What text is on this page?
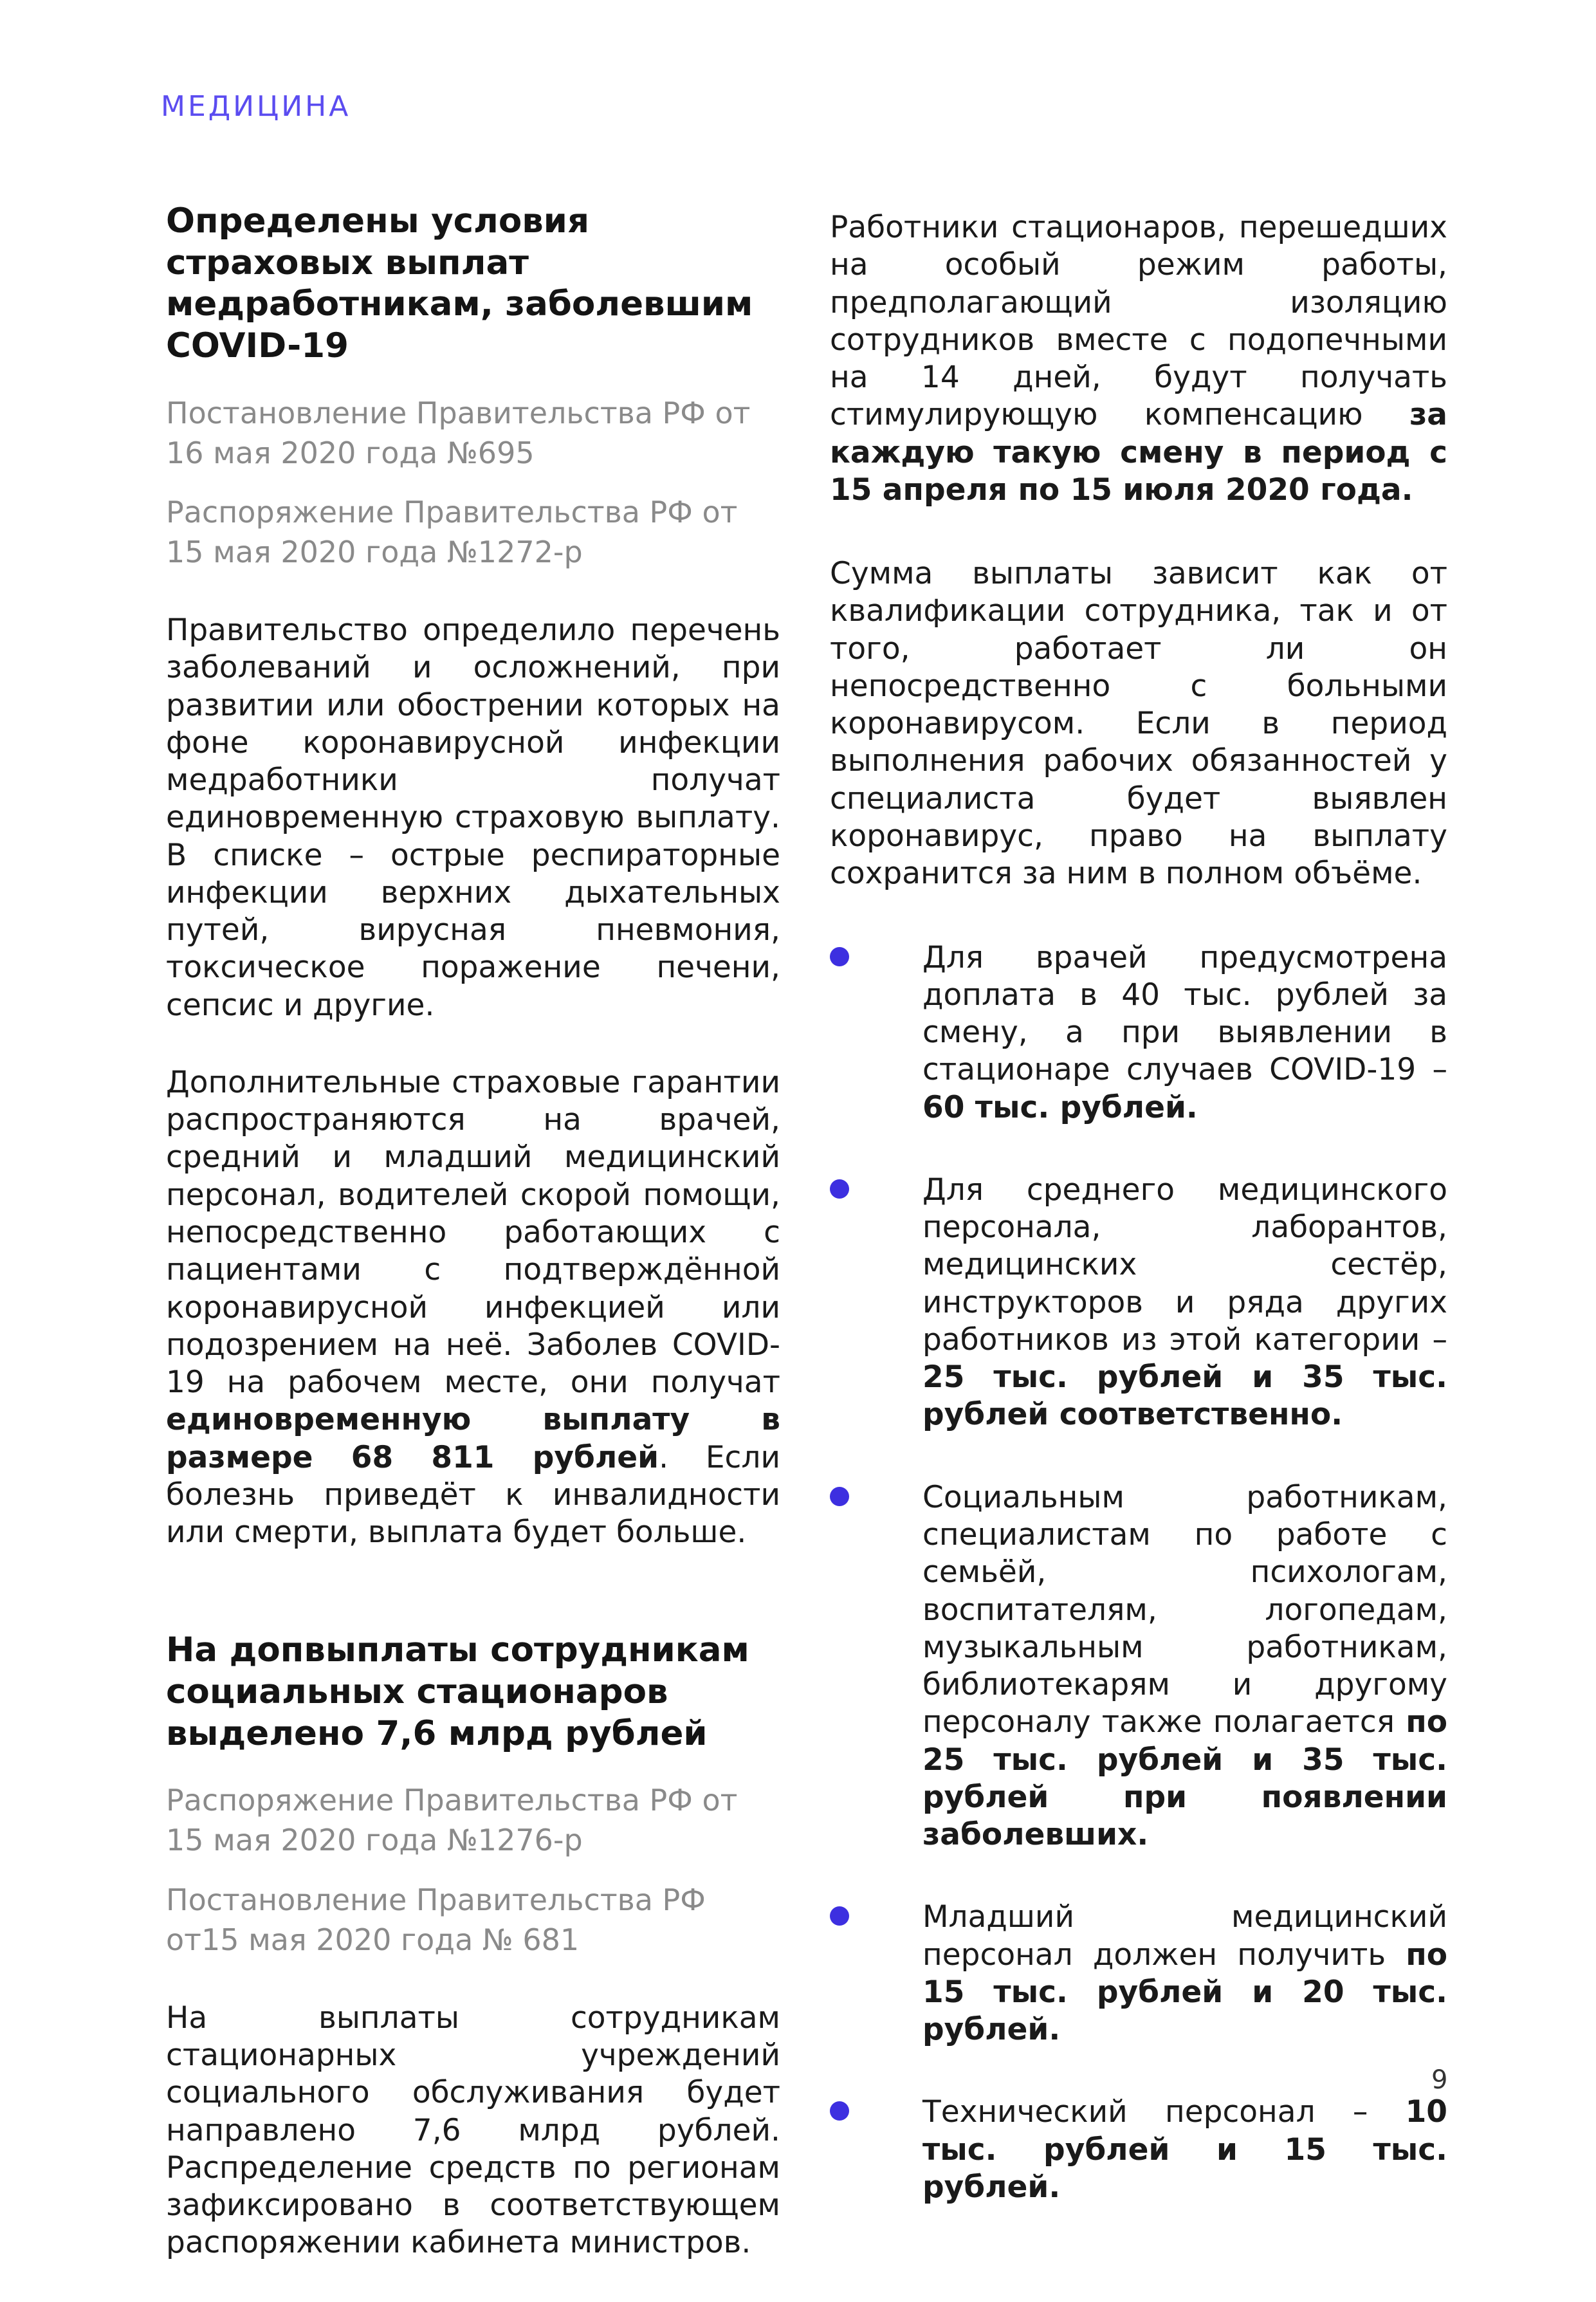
МЕДИЦИНА

Определены условия страховых выплат медработникам, заболевшим COVID-19

Постановление Правительства РФ от 16 мая 2020 года №695

Распоряжение Правительства РФ от 15 мая 2020 года №1272-р

Правительство определило перечень заболеваний и осложнений, при развитии или обострении которых на фоне коронавирусной инфекции медработники получат единовременную страховую выплату. В списке – острые респираторные инфекции верхних дыхательных путей, вирусная пневмония, токсическое поражение печени, сепсис и другие.

Дополнительные страховые гарантии распространяются на врачей, средний и младший медицинский персонал, водителей скорой помощи, непосредственно работающих с пациентами с подтверждённой коронавирусной инфекцией или подозрением на неё. Заболев COVID-19 на рабочем месте, они получат единовременную выплату в размере 68 811 рублей. Если болезнь приведёт к инвалидности или смерти, выплата будет больше.

На допвыплаты сотрудникам социальных стационаров выделено 7,6 млрд рублей

Распоряжение Правительства РФ от 15 мая 2020 года №1276-р

Постановление Правительства РФ от15 мая 2020 года № 681

На выплаты сотрудникам стационарных учреждений социального обслуживания будет направлено 7,6 млрд рублей. Распределение средств по регионам зафиксировано в соответствующем распоряжении кабинета министров.

Работники стационаров, перешедших на особый режим работы, предполагающий изоляцию сотрудников вместе с подопечными на 14 дней, будут получать стимулирующую компенсацию за каждую такую смену в период с 15 апреля по 15 июля 2020 года.

Сумма выплаты зависит как от квалификации сотрудника, так и от того, работает ли он непосредственно с больными коронавирусом. Если в период выполнения рабочих обязанностей у специалиста будет выявлен коронавирус, право на выплату сохранится за ним в полном объёме.

Для врачей предусмотрена доплата в 40 тыс. рублей за смену, а при выявлении в стационаре случаев COVID-19 – 60 тыс. рублей.
Для среднего медицинского персонала, лаборантов, медицинских сестёр, инструкторов и ряда других работников из этой категории – 25 тыс. рублей и 35 тыс. рублей соответственно.
Социальным работникам, специалистам по работе с семьёй, психологам, воспитателям, логопедам, музыкальным работникам, библиотекарям и другому персоналу также полагается по 25 тыс. рублей и 35 тыс. рублей при появлении заболевших.
Младший медицинский персонал должен получить по 15 тыс. рублей и 20 тыс. рублей.
Технический персонал – 10 тыс. рублей и 15 тыс. рублей.

9
